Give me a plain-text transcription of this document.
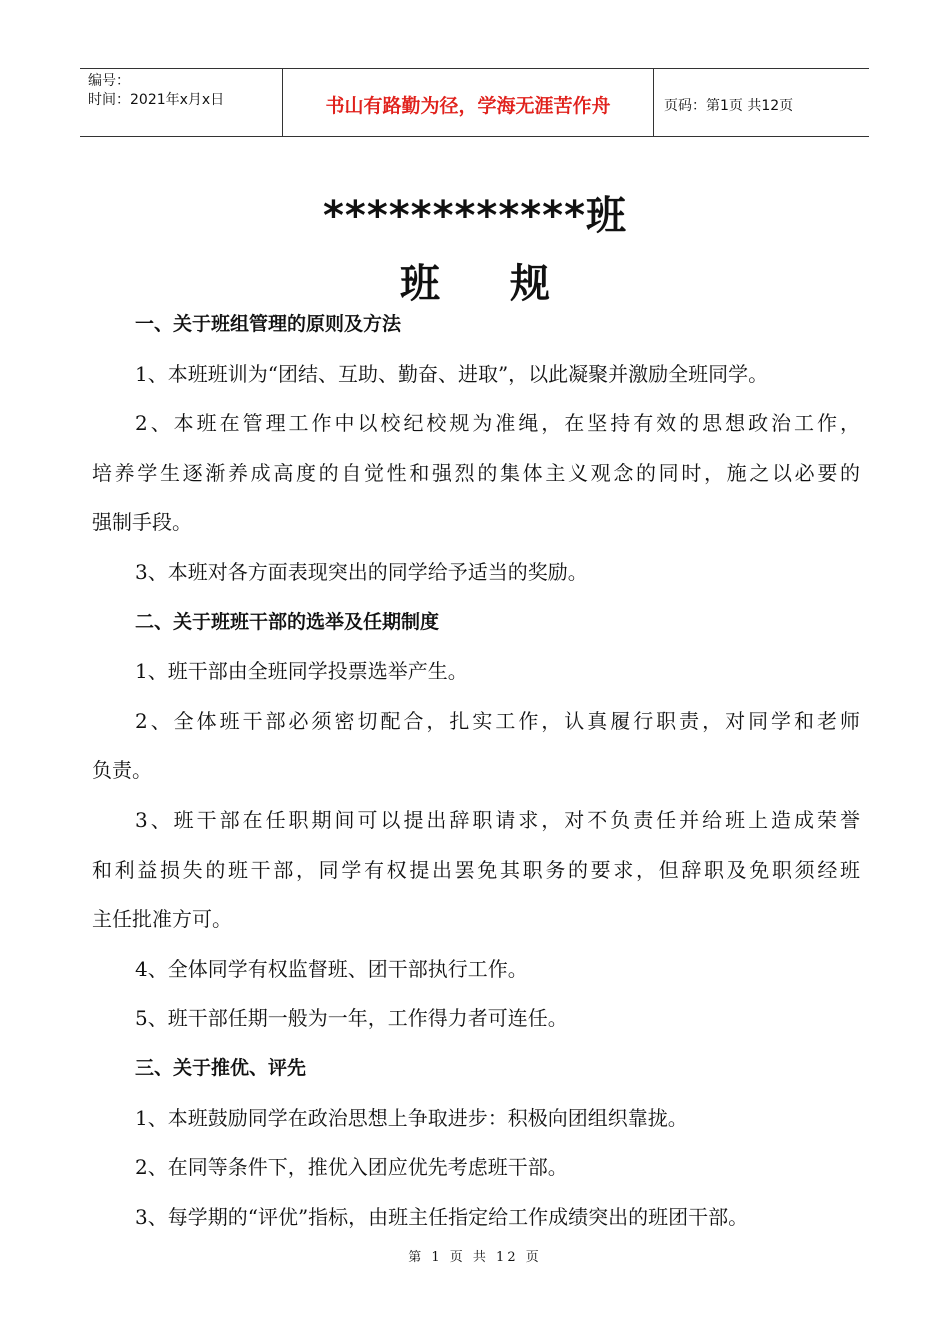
编号：
时间：2021年x月x日	书山有路勤为径，学海无涯苦作舟	页码：第1页 共12页
************班
班规
一、关于班组管理的原则及方法
1、本班班训为“团结、互助、勤奋、进取”，以此凝聚并激励全班同学。
2、本班在管理工作中以校纪校规为准绳，在坚持有效的思想政治工作，
培养学生逐渐养成高度的自觉性和强烈的集体主义观念的同时，施之以必要的
强制手段。
3、本班对各方面表现突出的同学给予适当的奖励。
二、关于班班干部的选举及任期制度
1、班干部由全班同学投票选举产生。
2、全体班干部必须密切配合，扎实工作，认真履行职责，对同学和老师
负责。
3、班干部在任职期间可以提出辞职请求，对不负责任并给班上造成荣誉
和利益损失的班干部，同学有权提出罢免其职务的要求，但辞职及免职须经班
主任批准方可。
4、全体同学有权监督班、团干部执行工作。
5、班干部任期一般为一年，工作得力者可连任。
三、关于推优、评先
1、本班鼓励同学在政治思想上争取进步：积极向团组织靠拢。
2、在同等条件下，推优入团应优先考虑班干部。
3、每学期的“评优”指标，由班主任指定给工作成绩突出的班团干部。
第 1 页 共 12 页
